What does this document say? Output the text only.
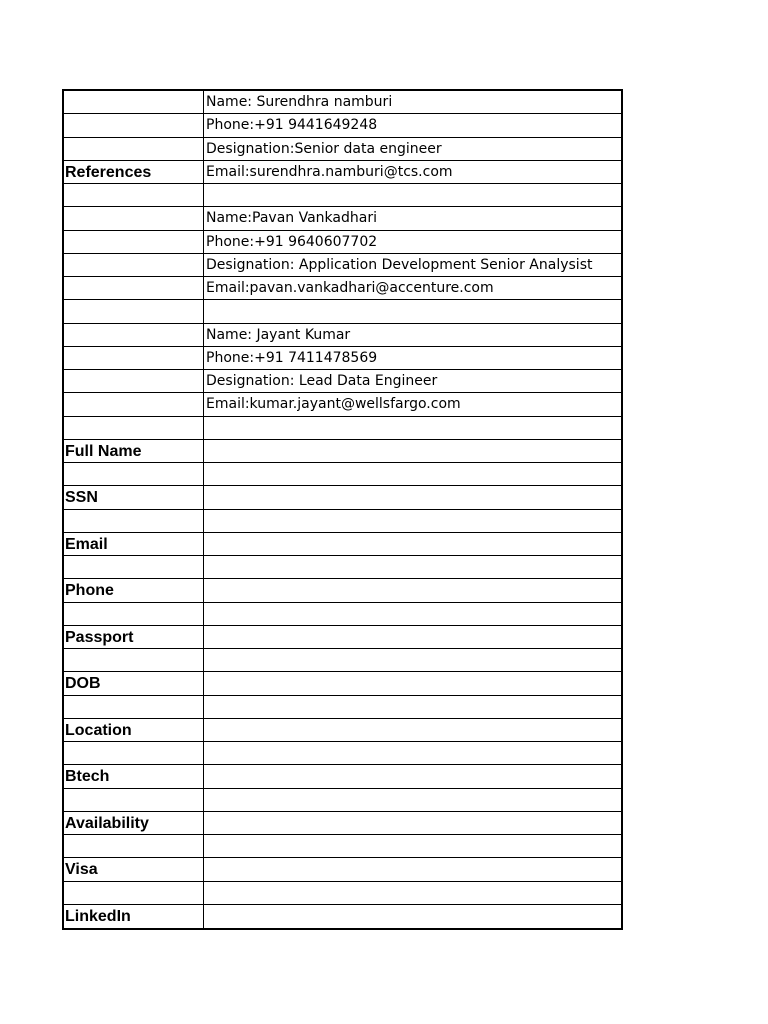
Name: Surendhra namburi
Phone:+91 9441649248
Designation:Senior data engineer
References	Email:surendhra.namburi@tcs.com
Name:Pavan Vankadhari
Phone:+91 9640607702
Designation: Application Development Senior Analysist
Email:pavan.vankadhari@accenture.com
Name: Jayant Kumar
Phone:+91 7411478569
Designation: Lead Data Engineer
Email:kumar.jayant@wellsfargo.com
Full Name
SSN
Email
Phone
Passport
DOB
Location
Btech
Availability
Visa
LinkedIn
